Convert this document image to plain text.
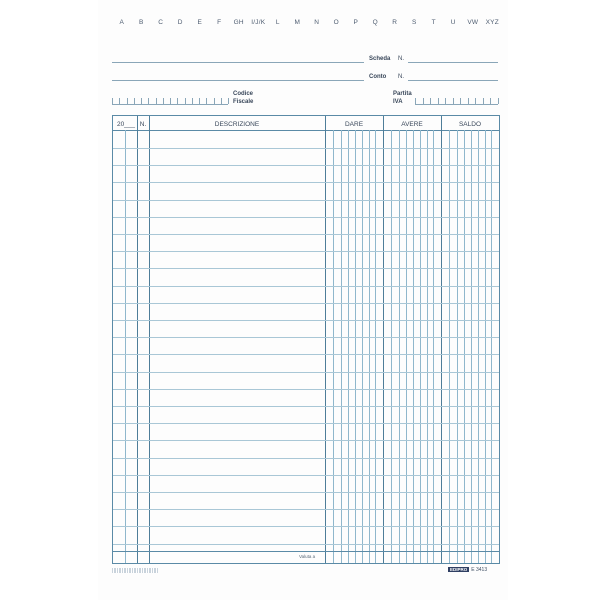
A	B	C	D	E	F	GH	I/J/K	L	M	N	O	P	Q	R	S	T	U	VW	XYZ
Scheda N.
Conto N.
Codice
Fiscale
Partita
IVA
20___ N.	DESCRIZIONE	DARE	AVERE	SALDO
Valuta a
EDIPRO E 3413
